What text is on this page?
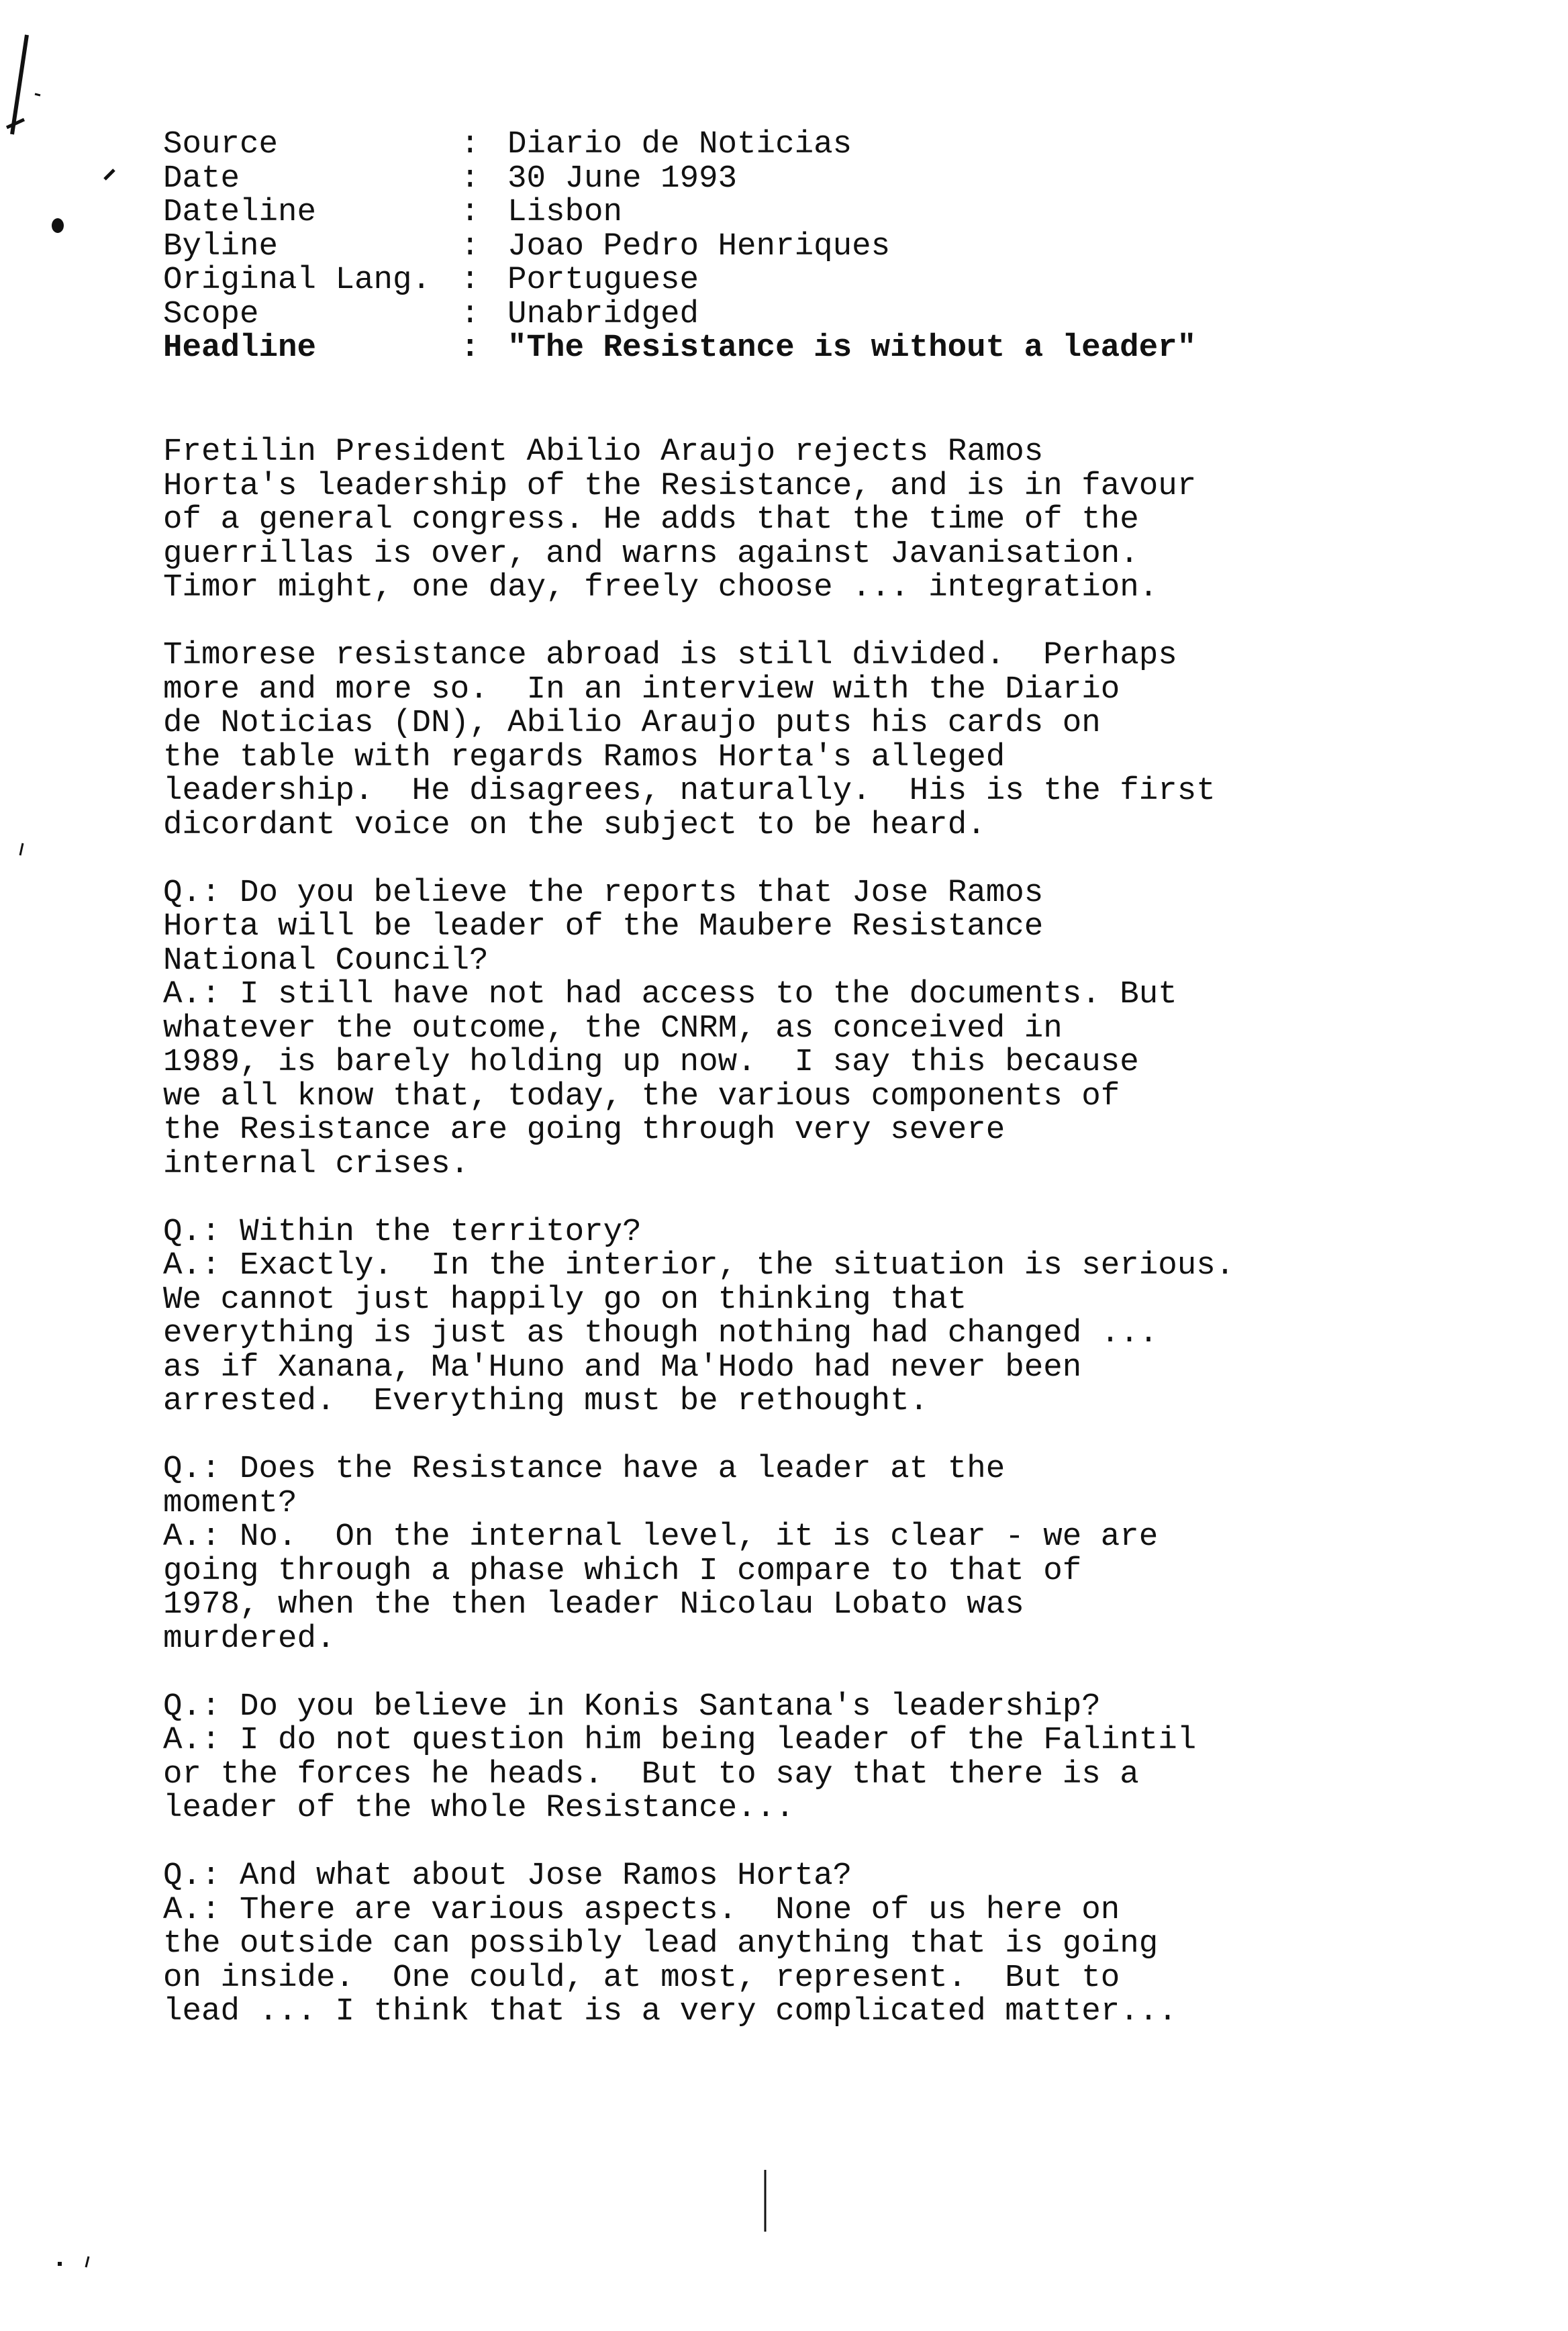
Source	: Diario de Noticias
Date	: 30 June 1993
Dateline	: Lisbon
Byline	: Joao Pedro Henriques
Original Lang. : Portuguese
Scope	: Unabridged
Headline	: "The Resistance is without a leader"
Fretilin President Abilio Araujo rejects Ramos
Horta's leadership of the Resistance, and is in favour
of a general congress. He adds that the time of the
guerrillas is over, and warns against Javanisation.
Timor might, one day, freely choose ... integration.
Timorese resistance abroad is still divided.  Perhaps
more and more so.  In an interview with the Diario
de Noticias (DN), Abilio Araujo puts his cards on
the table with regards Ramos Horta's alleged
leadership.  He disagrees, naturally.  His is the first
dicordant voice on the subject to be heard.
Q.: Do you believe the reports that Jose Ramos
Horta will be leader of the Maubere Resistance
National Council?
A.: I still have not had access to the documents. But
whatever the outcome, the CNRM, as conceived in
1989, is barely holding up now.  I say this because
we all know that, today, the various components of
the Resistance are going through very severe
internal crises.
Q.: Within the territory?
A.: Exactly.  In the interior, the situation is serious.
We cannot just happily go on thinking that
everything is just as though nothing had changed ...
as if Xanana, Ma'Huno and Ma'Hodo had never been
arrested.  Everything must be rethought.
Q.: Does the Resistance have a leader at the
moment?
A.: No.  On the internal level, it is clear - we are
going through a phase which I compare to that of
1978, when the then leader Nicolau Lobato was
murdered.
Q.: Do you believe in Konis Santana's leadership?
A.: I do not question him being leader of the Falintil
or the forces he heads.  But to say that there is a
leader of the whole Resistance...
Q.: And what about Jose Ramos Horta?
A.: There are various aspects.  None of us here on
the outside can possibly lead anything that is going
on inside.  One could, at most, represent.  But to
lead ... I think that is a very complicated matter...
